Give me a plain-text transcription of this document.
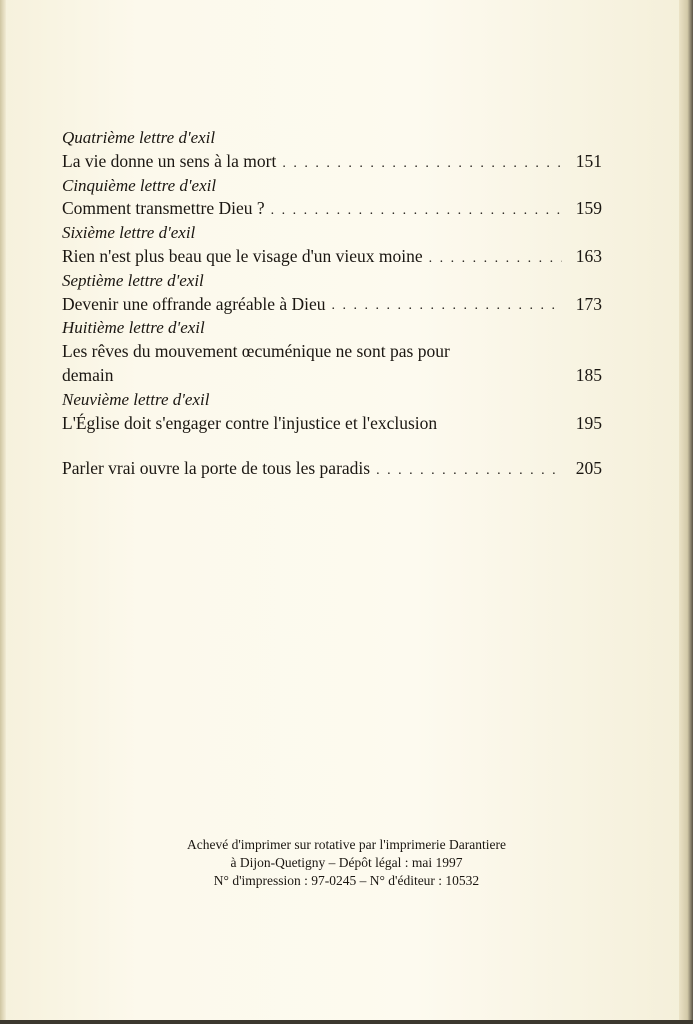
Quatrième lettre d'exil
La vie donne un sens à la mort . . .	151
Cinquième lettre d'exil
Comment transmettre Dieu ? . . .	159
Sixième lettre d'exil
Rien n'est plus beau que le visage d'un vieux moine . . .	163
Septième lettre d'exil
Devenir une offrande agréable à Dieu . . .	173
Huitième lettre d'exil
Les rêves du mouvement œcuménique ne sont pas pour
demain	185
Neuvième lettre d'exil
L'Église doit s'engager contre l'injustice et l'exclusion	195
Parler vrai ouvre la porte de tous les paradis . . .	205
Achevé d'imprimer sur rotative par l'imprimerie Darantiere
à Dijon-Quetigny – Dépôt légal : mai 1997
N° d'impression : 97-0245 – N° d'éditeur : 10532
